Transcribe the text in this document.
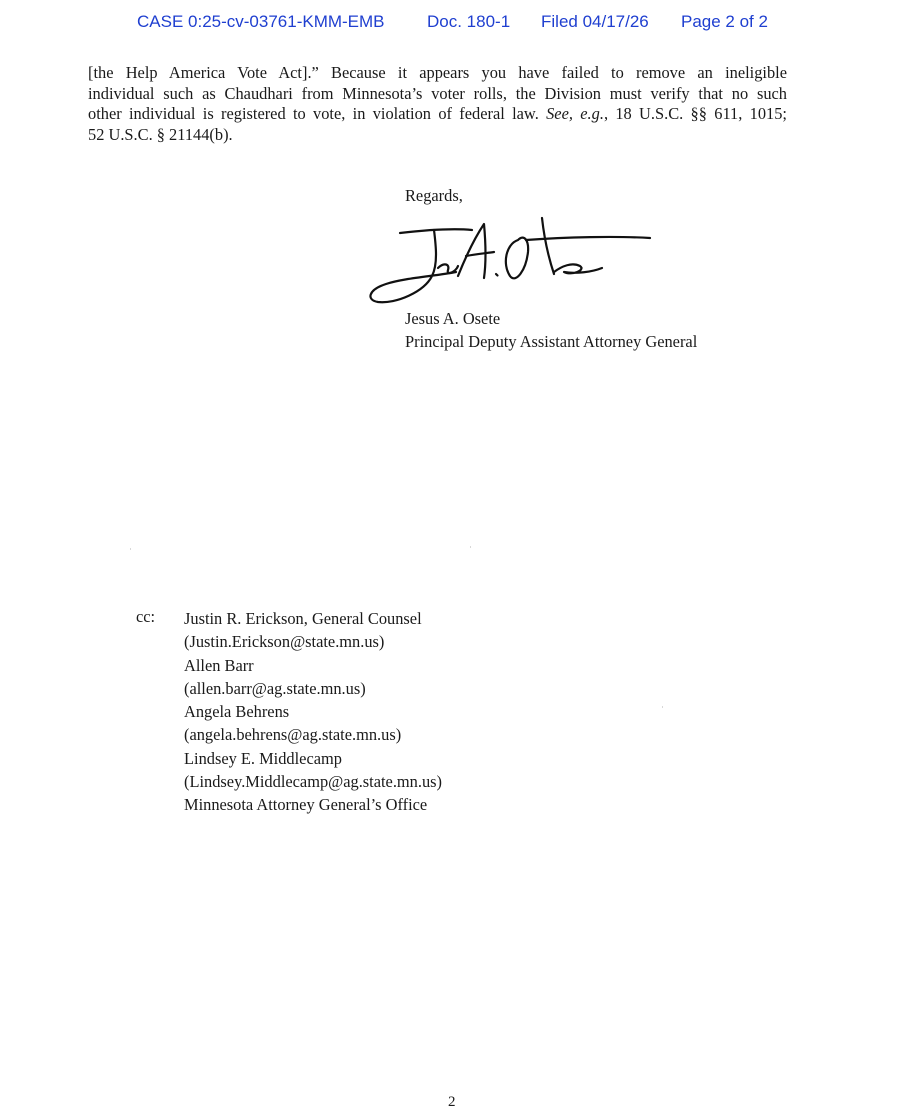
CASE 0:25-cv-03761-KMM-EMB Doc. 180-1 Filed 04/17/26 Page 2 of 2
[the Help America Vote Act].” Because it appears you have failed to remove an ineligible
individual such as Chaudhari from Minnesota’s voter rolls, the Division must verify that no such
other individual is registered to vote, in violation of federal law. See, e.g., 18 U.S.C. §§ 611, 1015;
52 U.S.C. § 21144(b).
Regards,
Jesus A. Osete
Principal Deputy Assistant Attorney General
cc: Justin R. Erickson, General Counsel
(Justin.Erickson@state.mn.us)
Allen Barr
(allen.barr@ag.state.mn.us)
Angela Behrens
(angela.behrens@ag.state.mn.us)
Lindsey E. Middlecamp
(Lindsey.Middlecamp@ag.state.mn.us)
Minnesota Attorney General’s Office
2
